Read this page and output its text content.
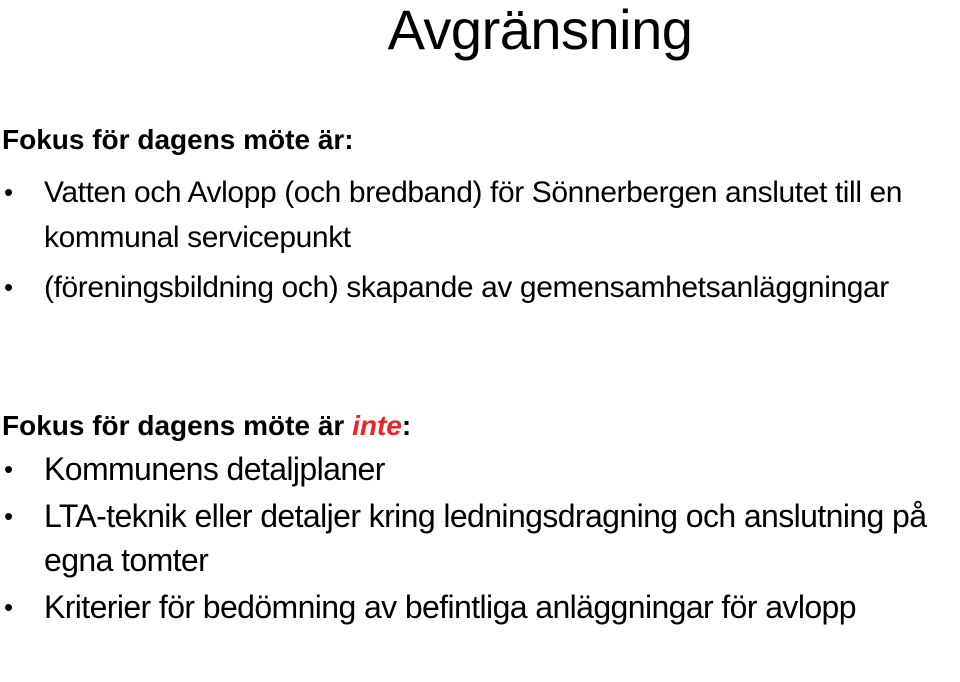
Avgränsning
Fokus för dagens möte är:
• Vatten och Avlopp (och bredband) för Sönnerbergen anslutet till en kommunal servicepunkt
• (föreningsbildning och) skapande av gemensamhetsanläggningar
Fokus för dagens möte är inte:
• Kommunens detaljplaner
• LTA-teknik eller detaljer kring ledningsdragning och anslutning på egna tomter
• Kriterier för bedömning av befintliga anläggningar för avlopp
